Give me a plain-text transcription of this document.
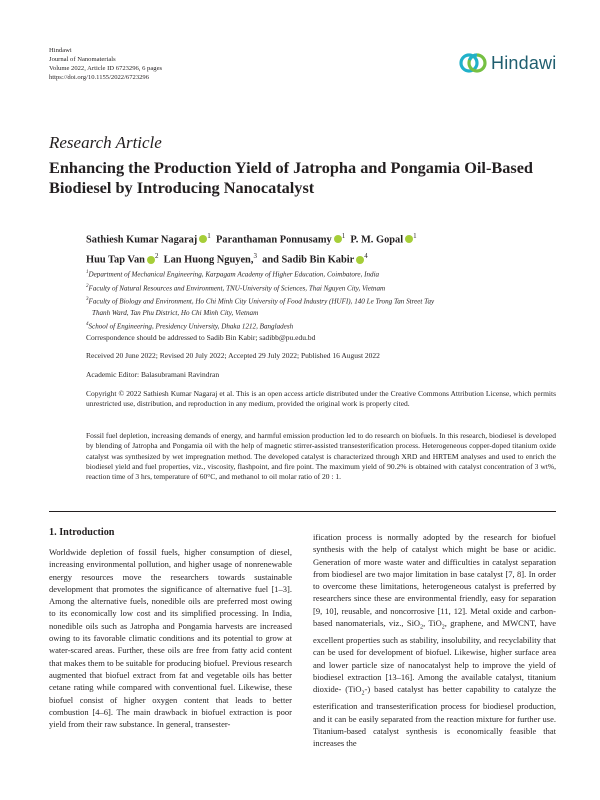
Hindawi
Journal of Nanomaterials
Volume 2022, Article ID 6723296, 6 pages
https://doi.org/10.1155/2022/6723296
Hindawi
Research Article
Enhancing the Production Yield of Jatropha and Pongamia Oil-Based Biodiesel by Introducing Nanocatalyst
Sathiesh Kumar Nagaraj $^1$ Paranthaman Ponnusamy $^1$ P. M. Gopal $^1$
Huu Tap Van $^2$ Lan Huong Nguyen,$^3$ and Sadib Bin Kabir $^4$
$^1$Department of Mechanical Engineering, Karpagam Academy of Higher Education, Coimbatore, India
$^2$Faculty of Natural Resources and Environment, TNU-University of Sciences, Thai Nguyen City, Vietnam
$^3$Faculty of Biology and Environment, Ho Chi Minh City University of Food Industry (HUFI), 140 Le Trong Tan Street Tay
Thanh Ward, Tan Phu District, Ho Chi Minh City, Vietnam
$^4$School of Engineering, Presidency University, Dhaka 1212, Bangladesh
Correspondence should be addressed to Sadib Bin Kabir; sadibb@pu.edu.bd
Received 20 June 2022; Revised 20 July 2022; Accepted 29 July 2022; Published 16 August 2022
Academic Editor: Balasubramani Ravindran
Copyright © 2022 Sathiesh Kumar Nagaraj et al. This is an open access article distributed under the Creative Commons Attribution License, which permits unrestricted use, distribution, and reproduction in any medium, provided the original work is properly cited.
Fossil fuel depletion, increasing demands of energy, and harmful emission production led to do research on biofuels. In this research, biodiesel is developed by blending of Jatropha and Pongamia oil with the help of magnetic stirrer-assisted transesterification process. Heterogeneous copper-doped titanium oxide catalyst was synthesized by wet impregnation method. The developed catalyst is characterized through XRD and HRTEM analyses and used to enrich the biodiesel yield and fuel properties, viz., viscosity, flashpoint, and fire point. The maximum yield of 90.2% is obtained with catalyst concentration of 3 wt%, reaction time of 3 hrs, temperature of 60°C, and methanol to oil molar ratio of 20 : 1.
1. Introduction
Worldwide depletion of fossil fuels, higher consumption of diesel, increasing environmental pollution, and higher usage of nonrenewable energy resources move the researchers towards sustainable development that promotes the significance of alternative fuel [1–3]. Among the alternative fuels, nonedible oils are preferred most owing to its economically low cost and its simplified processing. In India, nonedible oils such as Jatropha and Pongamia harvests are increased owing to its favorable climatic conditions and its potential to grow at water-scared areas. Further, these oils are free from fatty acid content that makes them to be suitable for producing biofuel. Previous research augmented that biofuel extract from fat and vegetable oils has better cetane rating while compared with conventional fuel. Likewise, these biofuel consist of higher oxygen content that leads to better combustion [4–6]. The main drawback in biofuel extraction is poor yield from their raw substance. In general, transester-
ification process is normally adopted by the research for biofuel synthesis with the help of catalyst which might be base or acidic. Generation of more waste water and difficulties in catalyst separation from biodiesel are two major limitation in base catalyst [7, 8]. In order to overcome these limitations, heterogeneous catalyst is preferred by researchers since these are environmental friendly, easy for separation [9, 10], reusable, and noncorrosive [11, 12]. Metal oxide and carbon-based nanomaterials, viz., SiO$_2$, TiO$_2$, graphene, and MWCNT, have excellent properties such as stability, insolubility, and recyclability that can be used for development of biofuel. Likewise, higher surface area and lower particle size of nanocatalyst help to improve the yield of biodiesel extraction [13–16]. Among the available catalyst, titanium dioxide- (TiO$_2$-) based catalyst has better capability to catalyze the esterification and transesterification process for biodiesel production, and it can be easily separated from the reaction mixture for further use. Titanium-based catalyst synthesis is economically feasible that increases the
